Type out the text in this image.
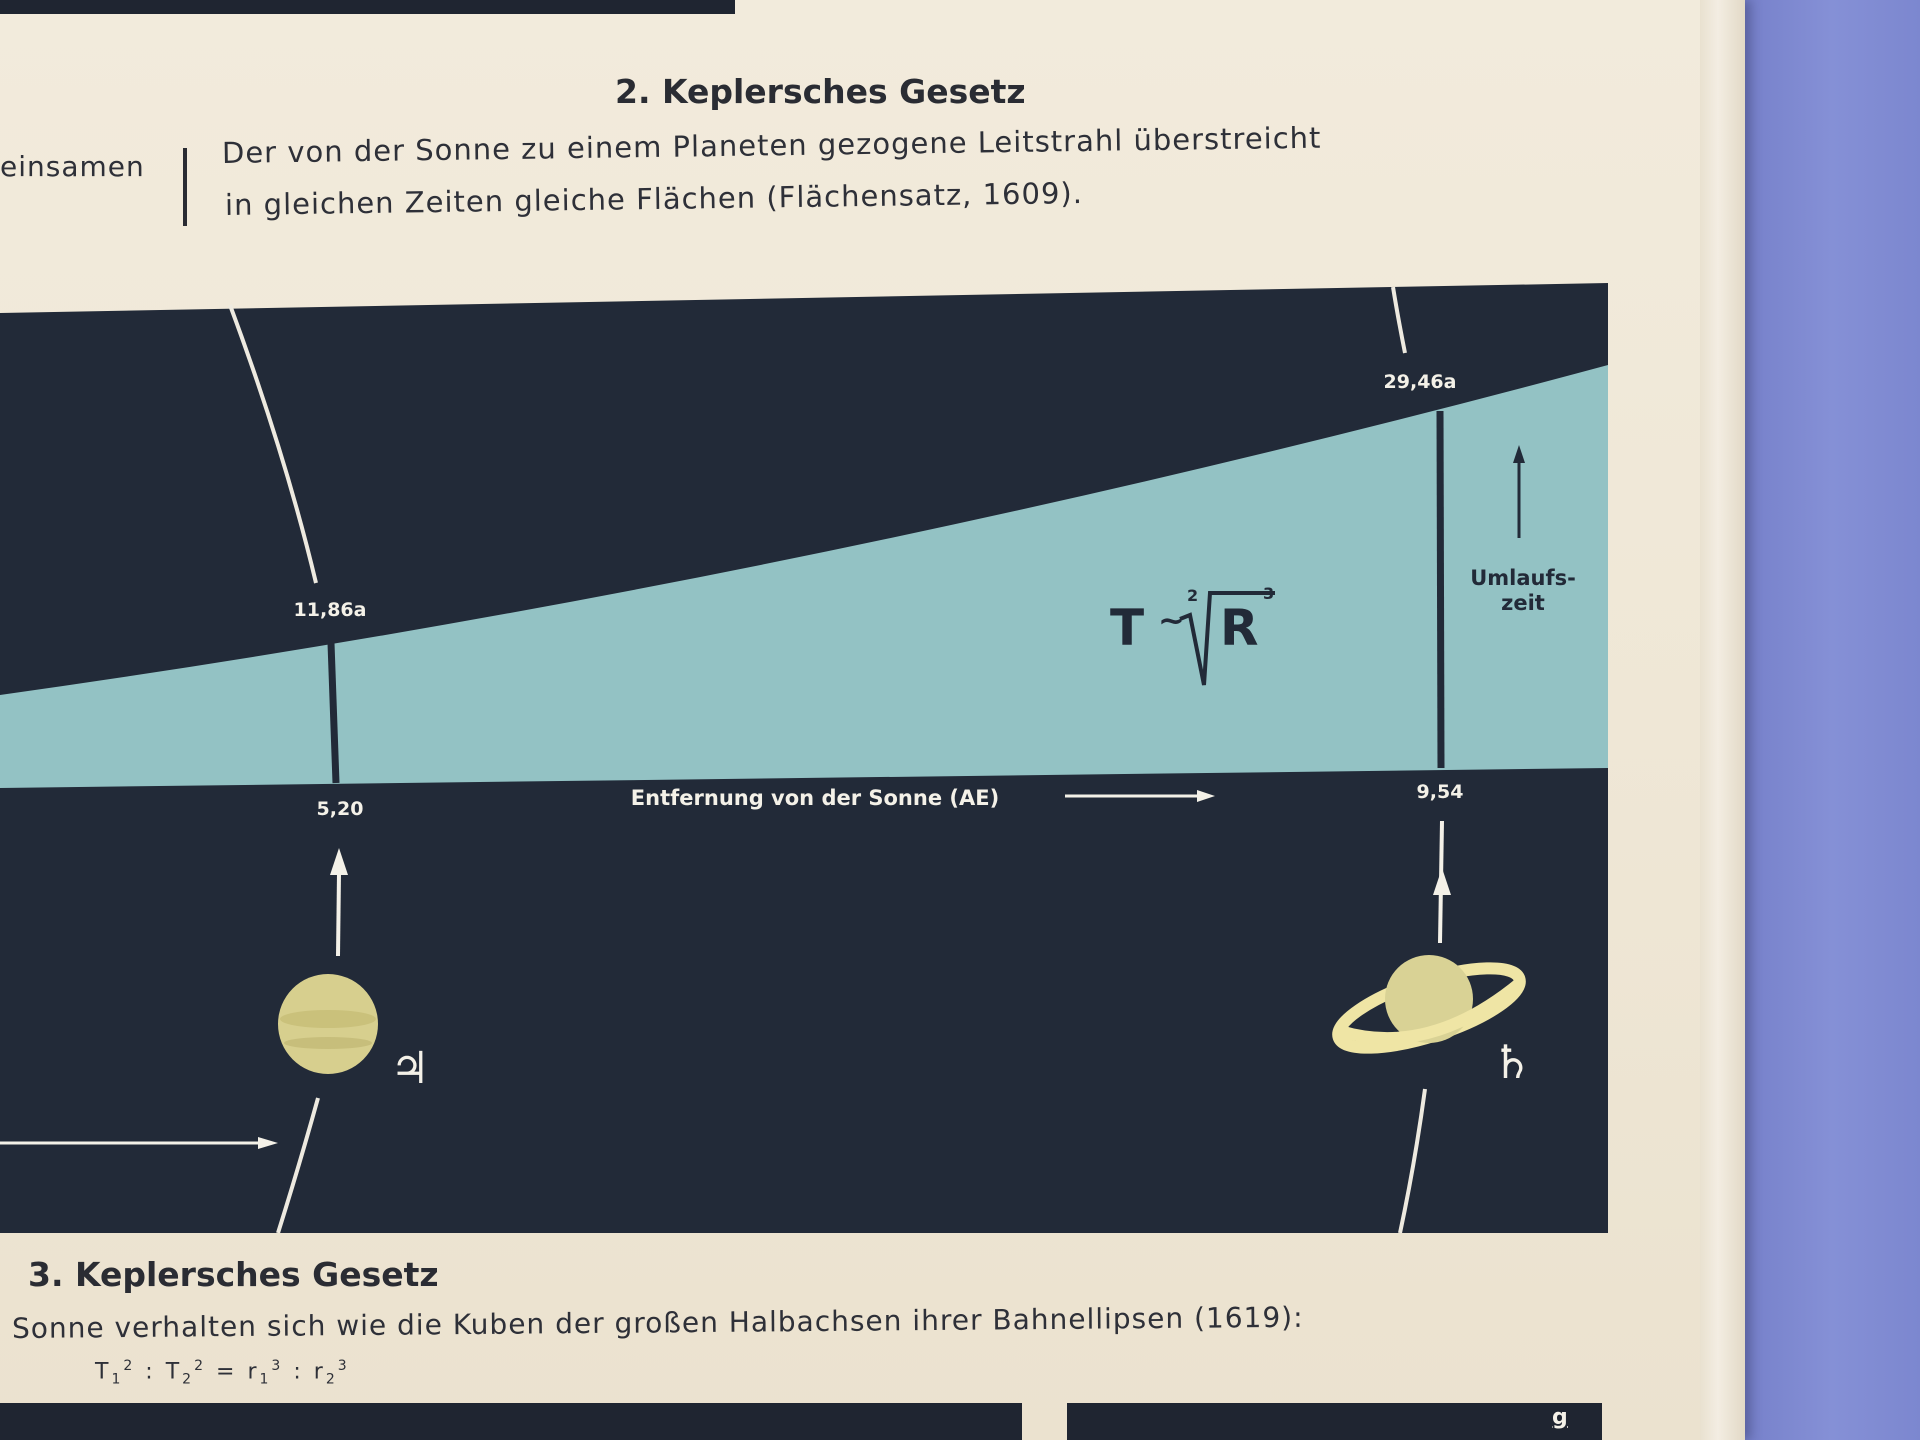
2. Keplersches Gesetz
einsamen	Der von der Sonne zu einem Planeten gezogene Leitstrahl überstreicht
in gleichen Zeiten gleiche Flächen (Flächensatz, 1609).
11,86a
29,46a
5,20
9,54
Entfernung von der Sonne (AE)
Umlaufs-
zeit
T ~
2
R
3
♃	♄
3. Keplersches Gesetz
Sonne verhalten sich wie die Kuben der großen Halbachsen ihrer Bahnellipsen (1619):
$T_1^2$ : $T_2^2 = r_1^3$ : $r_2^3$
g
